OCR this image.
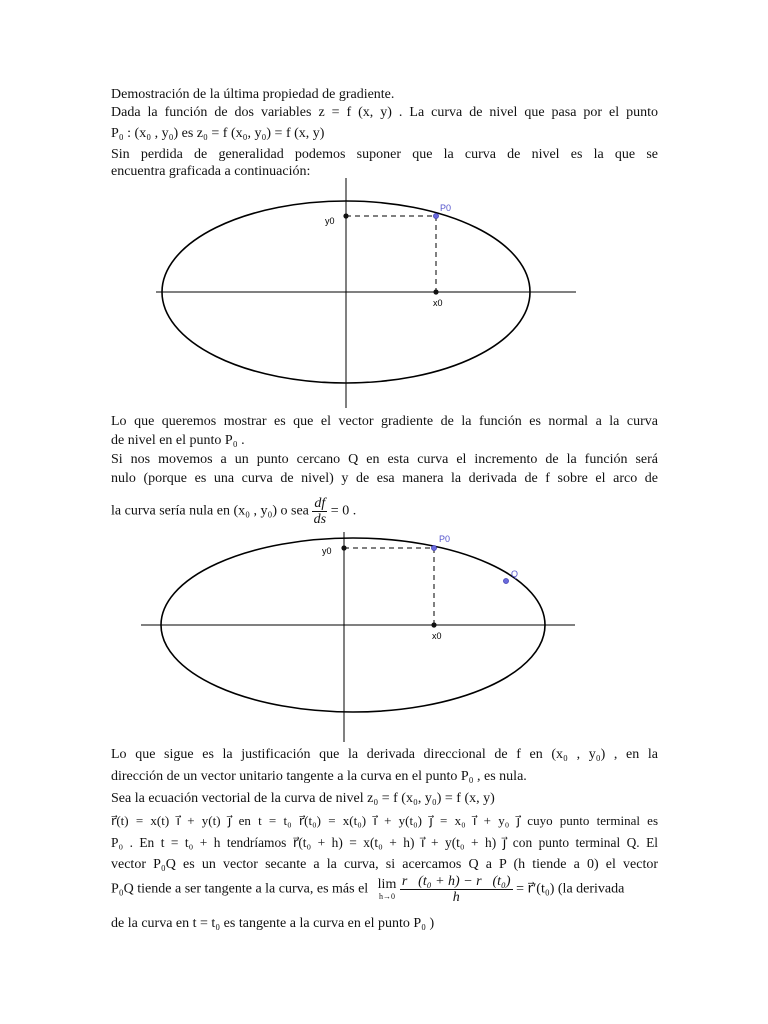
Demostración de la última propiedad de gradiente.
Dada la función de dos variables z = f (x, y) . La curva de nivel que pasa por el punto
P₀ : (x₀ , y₀) es z₀ = f (x₀, y₀) = f (x, y)
Sin perdida de generalidad podemos suponer que la curva de nivel es la que se
encuentra graficada a continuación:
y0
x0
P0
Lo que queremos mostrar es que el vector gradiente de la función es normal a la curva
de nivel en el punto P₀ .
Si nos movemos a un punto cercano Q en esta curva el incremento de la función será
nulo (porque es una curva de nivel) y de esa manera la derivada de f sobre el arco de
la curva sería nula en (x₀ , y₀) o sea $\frac{df}{ds} = 0$ .
y0
x0
P0
Q
Lo que sigue es la justificación que la derivada direccional de f en (x₀ , y₀) , en la
dirección de un vector unitario tangente a la curva en el punto P₀ , es nula.
Sea la ecuación vectorial de la curva de nivel z₀ = f (x₀, y₀) = f (x, y)
r⃗(t) = x(t) i⃗ + y(t) j⃗ en t = t₀ r⃗(t₀) = x(t₀) i⃗ + y(t₀) j⃗ = x₀ i⃗ + y₀ j⃗ cuyo punto terminal es
P₀ . En t = t₀ + h tendríamos r⃗(t₀ + h) = x(t₀ + h) i⃗ + y(t₀ + h) j⃗ con punto terminal Q. El
vector P₀Q es un vector secante a la curva, si acercamos Q a P (h tiende a 0) el vector
P₀Q tiende a ser tangente a la curva, es más el lim
h→0
$\frac{\text{r⃗(t₀ + h) − r⃗(t₀)}}{h}$ = r⃗′(t₀) (la derivada
de la curva en t = t₀ es tangente a la curva en el punto P₀ )
